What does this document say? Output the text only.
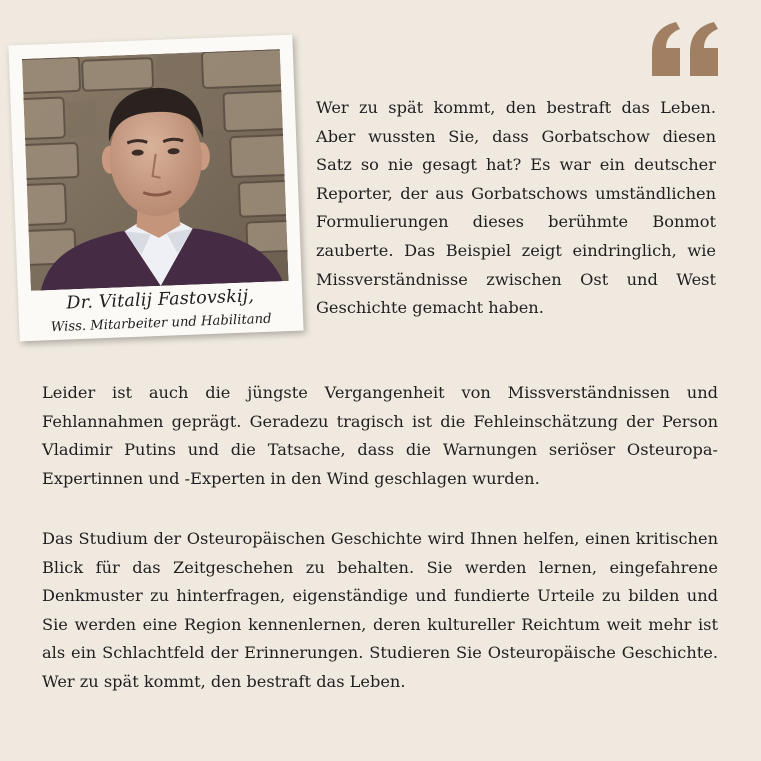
Dr. Vitalij Fastovskij,
Wiss. Mitarbeiter und Habilitand
Wer zu spät kommt, den bestraft das Leben. Aber wussten Sie, dass Gorbatschow diesen Satz so nie gesagt hat? Es war ein deutscher Reporter, der aus Gorbatschows umständlichen Formulierungen dieses berühmte Bonmot zauberte. Das Beispiel zeigt eindringlich, wie Missverständnisse zwischen Ost und West Geschichte gemacht haben.
Leider ist auch die jüngste Vergangenheit von Missverständnissen und Fehlannahmen geprägt. Geradezu tragisch ist die Fehleinschätzung der Person Vladimir Putins und die Tatsache, dass die Warnungen seriöser Osteuropa-Expertinnen und -Experten in den Wind geschlagen wurden.
Das Studium der Osteuropäischen Geschichte wird Ihnen helfen, einen kritischen Blick für das Zeitgeschehen zu behalten. Sie werden lernen, eingefahrene Denkmuster zu hinterfragen, eigenständige und fundierte Urteile zu bilden und Sie werden eine Region kennenlernen, deren kultureller Reichtum weit mehr ist als ein Schlachtfeld der Erinnerungen. Studieren Sie Osteuropäische Geschichte. Wer zu spät kommt, den bestraft das Leben.
